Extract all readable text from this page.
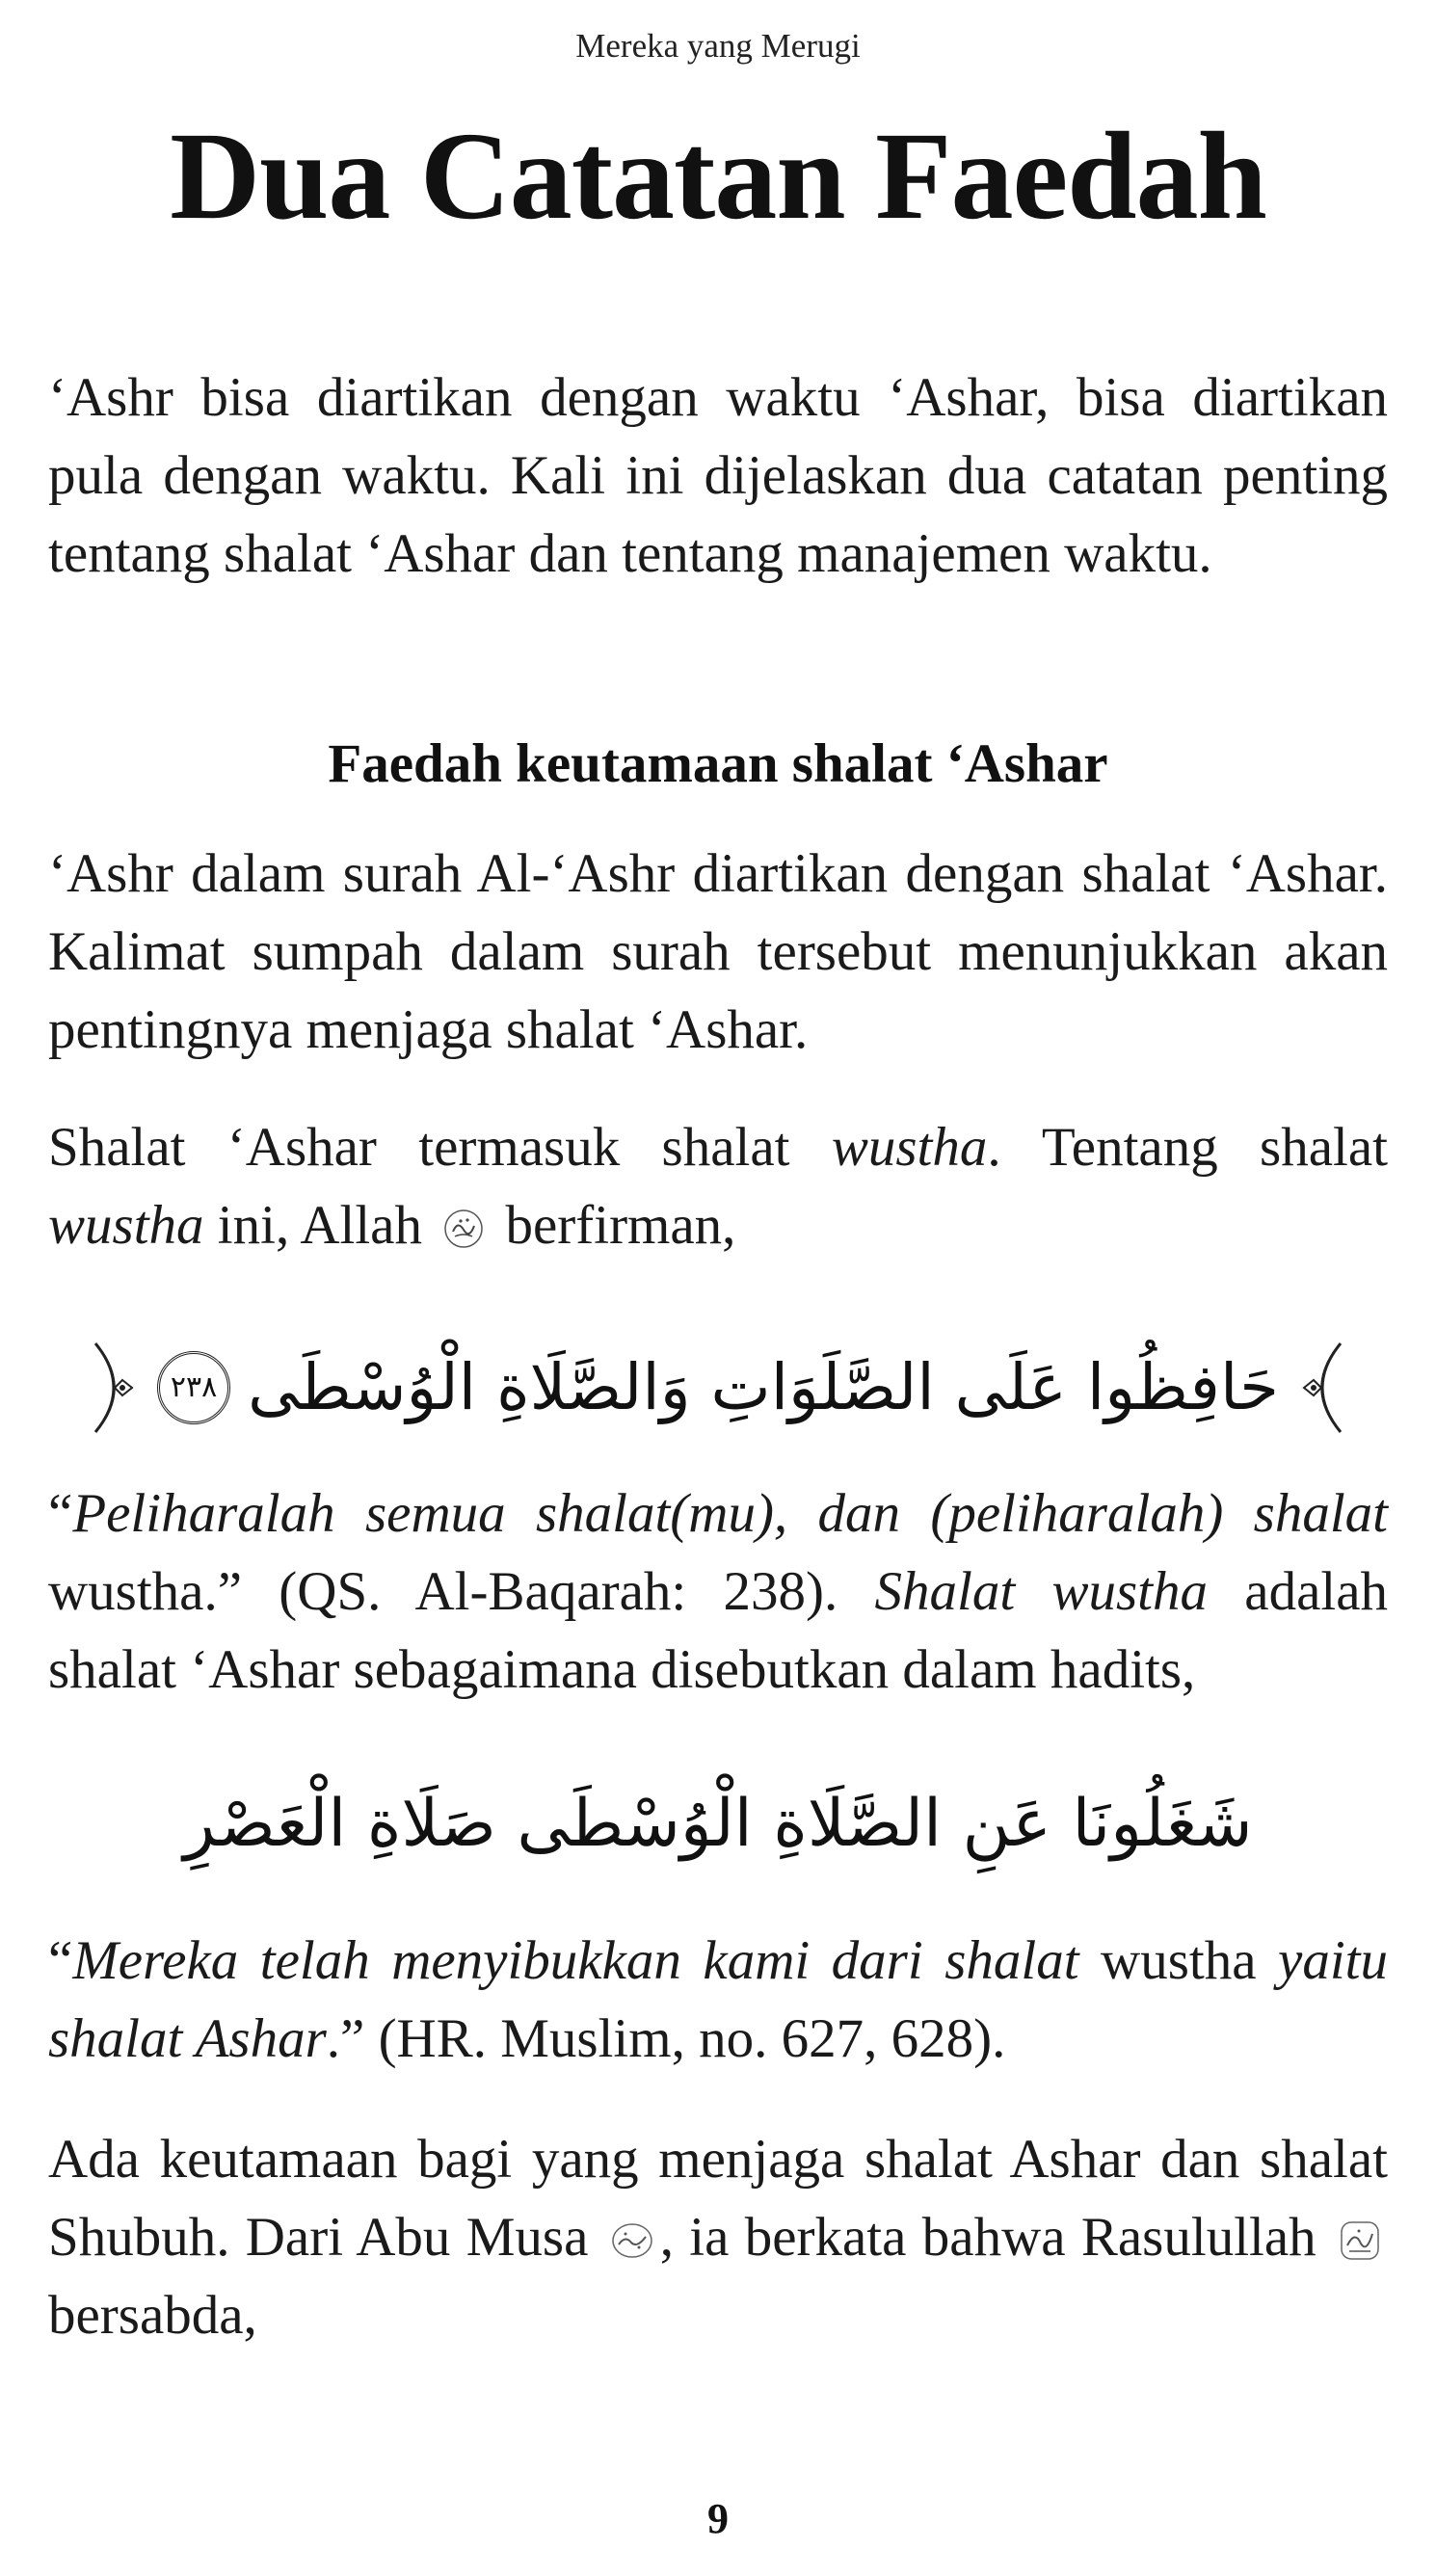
Mereka yang Merugi
Dua Catatan Faedah

‘Ashr bisa diartikan dengan waktu ‘Ashar, bisa diartikan pula dengan waktu. Kali ini dijelaskan dua catatan penting tentang shalat ‘Ashar dan tentang manajemen waktu.

Faedah keutamaan shalat ‘Ashar

‘Ashr dalam surah Al-‘Ashr diartikan dengan shalat ‘Ashar. Kalimat sumpah dalam surah tersebut menunjukkan akan pentingnya menjaga shalat ‘Ashar.

Shalat ‘Ashar termasuk shalat wustha. Tentang shalat wustha ini, Allah  berfirman,

حَافِظُوا عَلَى الصَّلَوَاتِ وَالصَّلَاةِ الْوُسْطَى
٢٣٨

“Peliharalah semua shalat(mu), dan (peliharalah) shalat wustha.” (QS. Al-Baqarah: 238). Shalat wustha adalah shalat ‘Ashar sebagaimana disebutkan dalam hadits,

شَغَلُونَا عَنِ الصَّلَاةِ الْوُسْطَى صَلَاةِ الْعَصْرِ

“Mereka telah menyibukkan kami dari shalat wustha yaitu shalat Ashar.” (HR. Muslim, no. 627, 628).

Ada keutamaan bagi yang menjaga shalat Ashar dan shalat Shubuh. Dari Abu Musa , ia berkata bahwa Rasulullah  bersabda,

9
